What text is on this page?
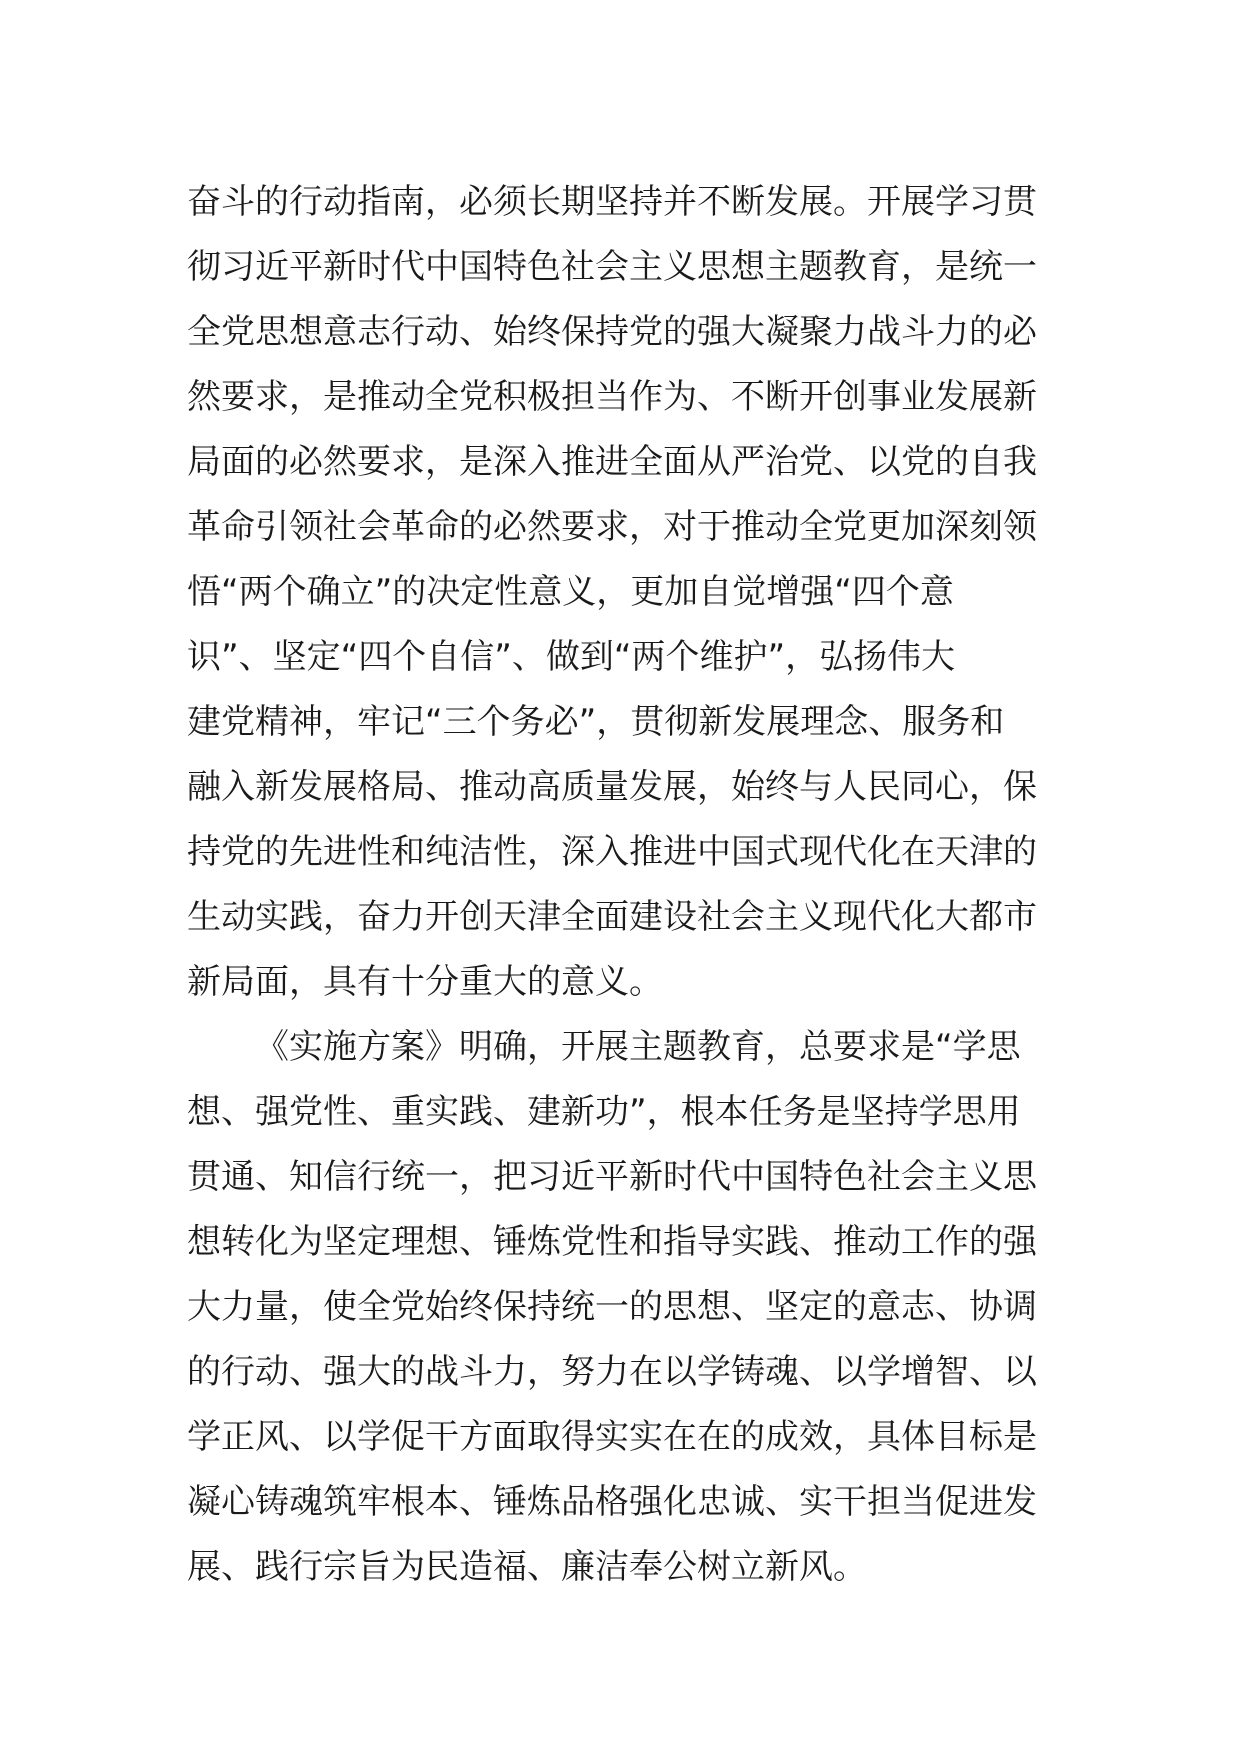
奋斗的行动指南，必须长期坚持并不断发展。开展学习贯
彻习近平新时代中国特色社会主义思想主题教育，是统一
全党思想意志行动、始终保持党的强大凝聚力战斗力的必
然要求，是推动全党积极担当作为、不断开创事业发展新
局面的必然要求，是深入推进全面从严治党、以党的自我
革命引领社会革命的必然要求，对于推动全党更加深刻领
悟“两个确立”的决定性意义，更加自觉增强“四个意
识”、坚定“四个自信”、做到“两个维护”，弘扬伟大
建党精神，牢记“三个务必”，贯彻新发展理念、服务和
融入新发展格局、推动高质量发展，始终与人民同心，保
持党的先进性和纯洁性，深入推进中国式现代化在天津的
生动实践，奋力开创天津全面建设社会主义现代化大都市
新局面，具有十分重大的意义。
《实施方案》明确，开展主题教育，总要求是“学思
想、强党性、重实践、建新功”，根本任务是坚持学思用
贯通、知信行统一，把习近平新时代中国特色社会主义思
想转化为坚定理想、锤炼党性和指导实践、推动工作的强
大力量，使全党始终保持统一的思想、坚定的意志、协调
的行动、强大的战斗力，努力在以学铸魂、以学增智、以
学正风、以学促干方面取得实实在在的成效，具体目标是
凝心铸魂筑牢根本、锤炼品格强化忠诚、实干担当促进发
展、践行宗旨为民造福、廉洁奉公树立新风。
